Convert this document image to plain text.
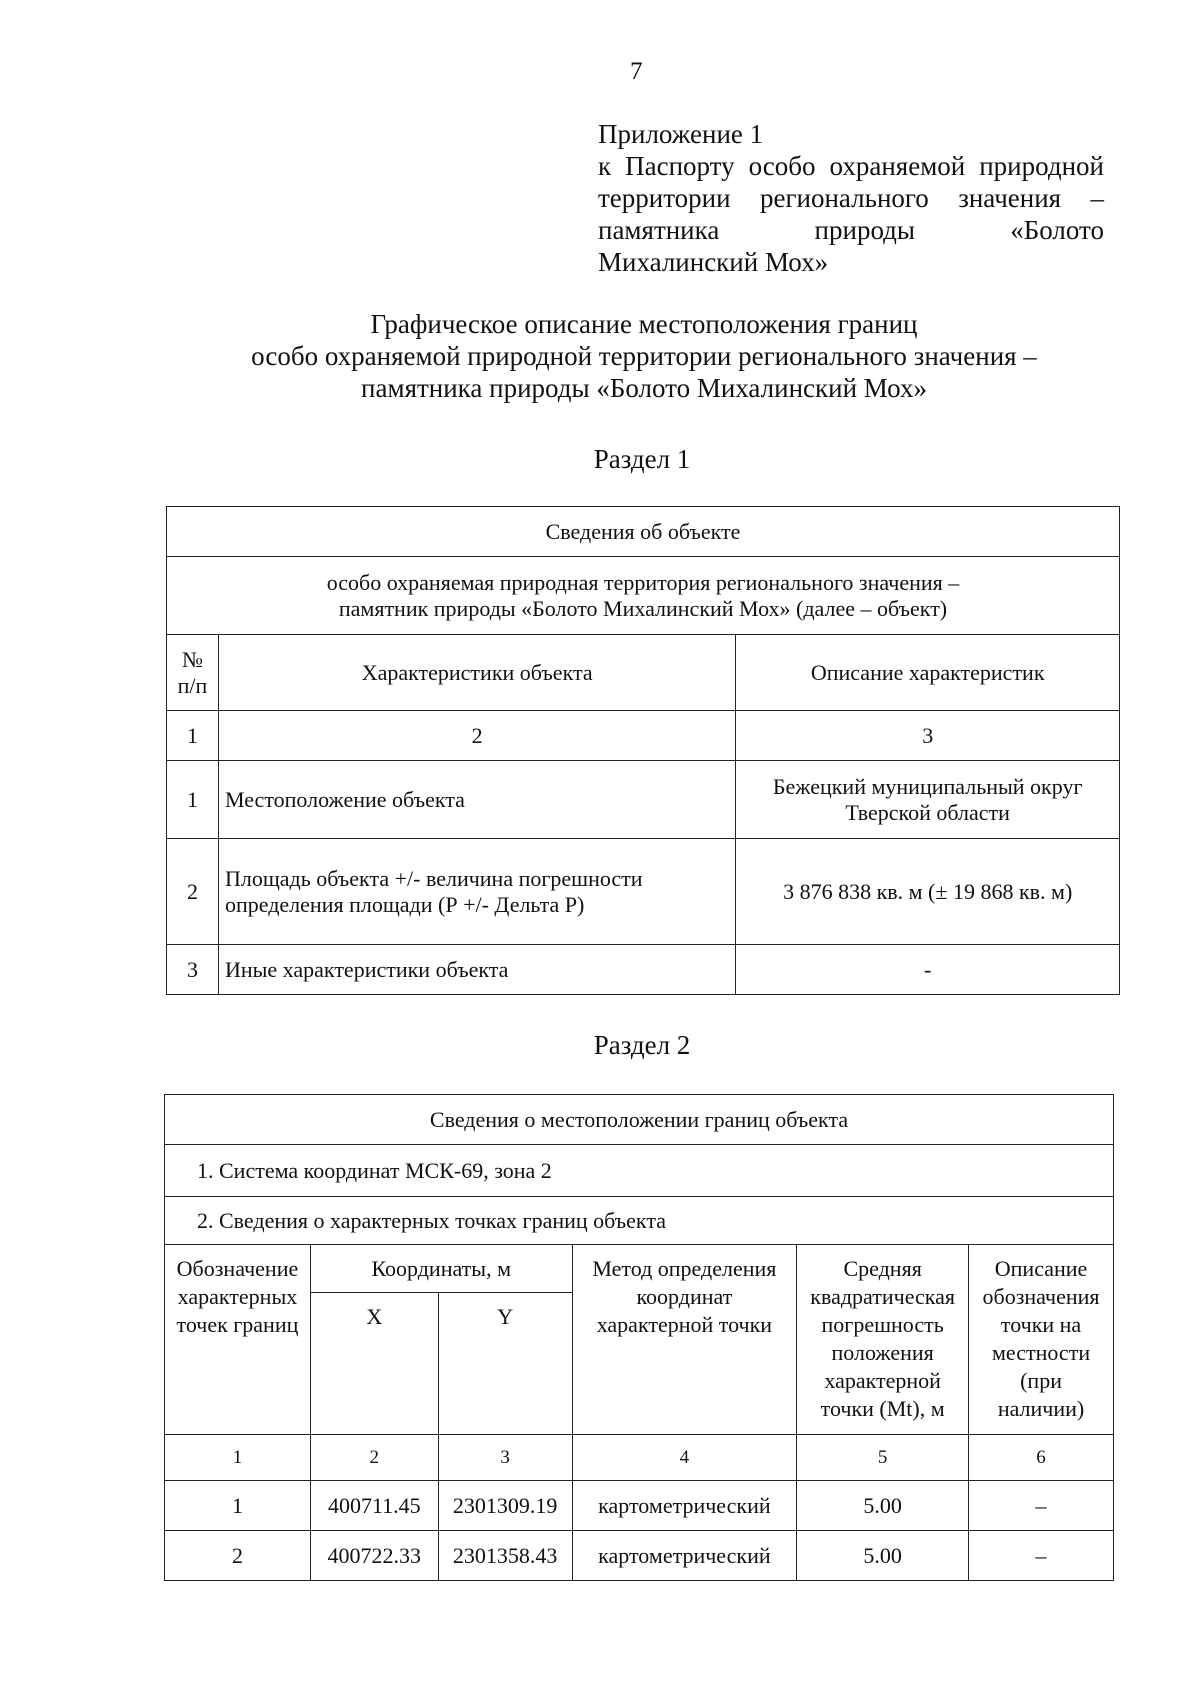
7
Приложение 1
к Паспорту особо охраняемой природной
территории регионального значения –
памятника природы «Болото
Михалинский Мох»
Графическое описание местоположения границ
особо охраняемой природной территории регионального значения –
памятника природы «Болото Михалинский Мох»
Раздел 1
Сведения об объекте		

особо охраняемая природная территория регионального значения –
памятник природы «Болото Михалинский Мох» (далее – объект)		

№ п/п	Характеристики объекта	Описание характеристик
1	2	3
1	Местоположение объекта	Бежецкий муниципальный округ Тверской области
2	Площадь объекта +/- величина погрешности определения площади (Р +/- Дельта Р)	3 876 838 кв. м (± 19 868 кв. м)
3	Иные характеристики объекта	-
Раздел 2
Сведения о местоположении границ объекта					
1. Система координат МСК-69, зона 2					
2. Сведения о характерных точках границ объекта					
Обозначение характерных точек границ	Координаты, м		Метод определения координат характерной точки	Средняя квадратическая погрешность положения характерной точки (Mt), м	Описание обозначения точки на местности (при наличии)
	X	Y			
1	2	3	4	5	6
1	400711.45	2301309.19	картометрический	5.00	–
2	400722.33	2301358.43	картометрический	5.00	–
